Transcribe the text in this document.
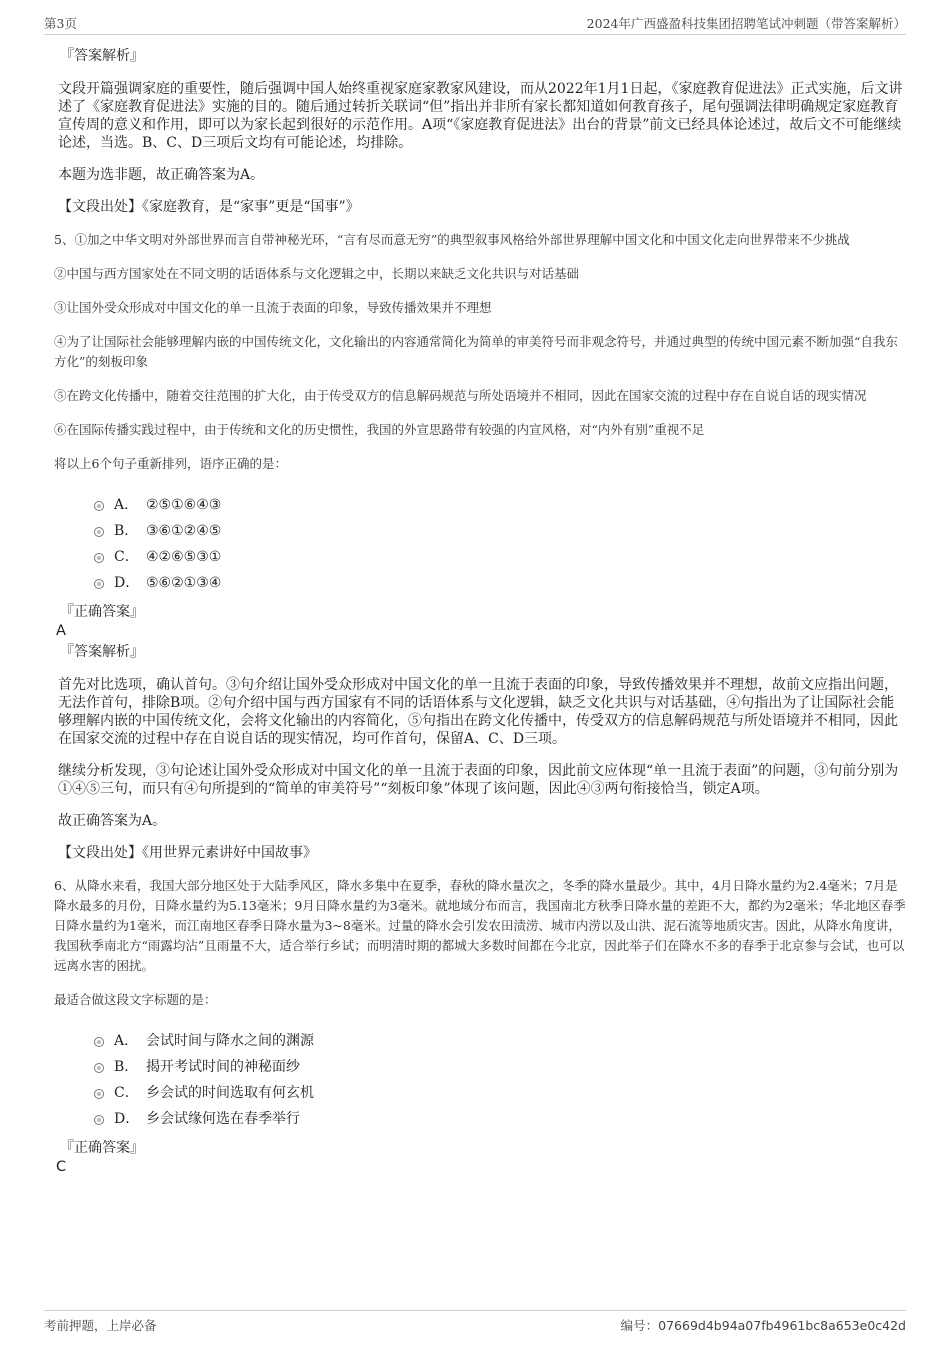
第3页	2024年广西盛盈科技集团招聘笔试冲刺题（带答案解析）
『答案解析』
文段开篇强调家庭的重要性，随后强调中国人始终重视家庭家教家风建设，而从2022年1月1日起，《家庭教育促进法》正式实施，后文讲述了《家庭教育促进法》实施的目的。随后通过转折关联词“但”指出并非所有家长都知道如何教育孩子，尾句强调法律明确规定家庭教育宣传周的意义和作用，即可以为家长起到很好的示范作用。A项“《家庭教育促进法》出台的背景”前文已经具体论述过，故后文不可能继续论述，当选。B、C、D三项后文均有可能论述，均排除。
本题为选非题，故正确答案为A。
【文段出处】《家庭教育，是“家事”更是“国事”》
5、①加之中华文明对外部世界而言自带神秘光环，“言有尽而意无穷”的典型叙事风格给外部世界理解中国文化和中国文化走向世界带来不少挑战
②中国与西方国家处在不同文明的话语体系与文化逻辑之中，长期以来缺乏文化共识与对话基础
③让国外受众形成对中国文化的单一且流于表面的印象，导致传播效果并不理想
④为了让国际社会能够理解内嵌的中国传统文化，文化输出的内容通常简化为简单的审美符号而非观念符号，并通过典型的传统中国元素不断加强“自我东方化”的刻板印象
⑤在跨文化传播中，随着交往范围的扩大化，由于传受双方的信息解码规范与所处语境并不相同，因此在国家交流的过程中存在自说自话的现实情况
⑥在国际传播实践过程中，由于传统和文化的历史惯性，我国的外宣思路带有较强的内宣风格，对“内外有别”重视不足
将以上6个句子重新排列，语序正确的是：
A． ②⑤①⑥④③
B． ③⑥①②④⑤
C． ④②⑥⑤③①
D． ⑤⑥②①③④
『正确答案』
A
『答案解析』
首先对比选项，确认首句。③句介绍让国外受众形成对中国文化的单一且流于表面的印象，导致传播效果并不理想，故前文应指出问题，无法作首句，排除B项。②句介绍中国与西方国家有不同的话语体系与文化逻辑，缺乏文化共识与对话基础，④句指出为了让国际社会能够理解内嵌的中国传统文化，会将文化输出的内容简化，⑤句指出在跨文化传播中，传受双方的信息解码规范与所处语境并不相同，因此在国家交流的过程中存在自说自话的现实情况，均可作首句，保留A、C、D三项。
继续分析发现，③句论述让国外受众形成对中国文化的单一且流于表面的印象，因此前文应体现“单一且流于表面”的问题，③句前分别为①④⑤三句，而只有④句所提到的“简单的审美符号”“刻板印象”体现了该问题，因此④③两句衔接恰当，锁定A项。
故正确答案为A。
【文段出处】《用世界元素讲好中国故事》
6、从降水来看，我国大部分地区处于大陆季风区，降水多集中在夏季，春秋的降水量次之，冬季的降水量最少。其中，4月日降水量约为2.4毫米；7月是降水最多的月份，日降水量约为5.13毫米；9月日降水量约为3毫米。就地域分布而言，我国南北方秋季日降水量的差距不大，都约为2毫米；华北地区春季日降水量约为1毫米，而江南地区春季日降水量为3~8毫米。过量的降水会引发农田渍涝、城市内涝以及山洪、泥石流等地质灾害。因此，从降水角度讲，我国秋季南北方“雨露均沾”且雨量不大，适合举行乡试；而明清时期的都城大多数时间都在今北京，因此举子们在降水不多的春季于北京参与会试，也可以远离水害的困扰。
最适合做这段文字标题的是：
A． 会试时间与降水之间的渊源
B． 揭开考试时间的神秘面纱
C． 乡会试的时间选取有何玄机
D． 乡会试缘何选在春季举行
『正确答案』
C
考前押题，上岸必备	编号：07669d4b94a07fb4961bc8a653e0c42d
